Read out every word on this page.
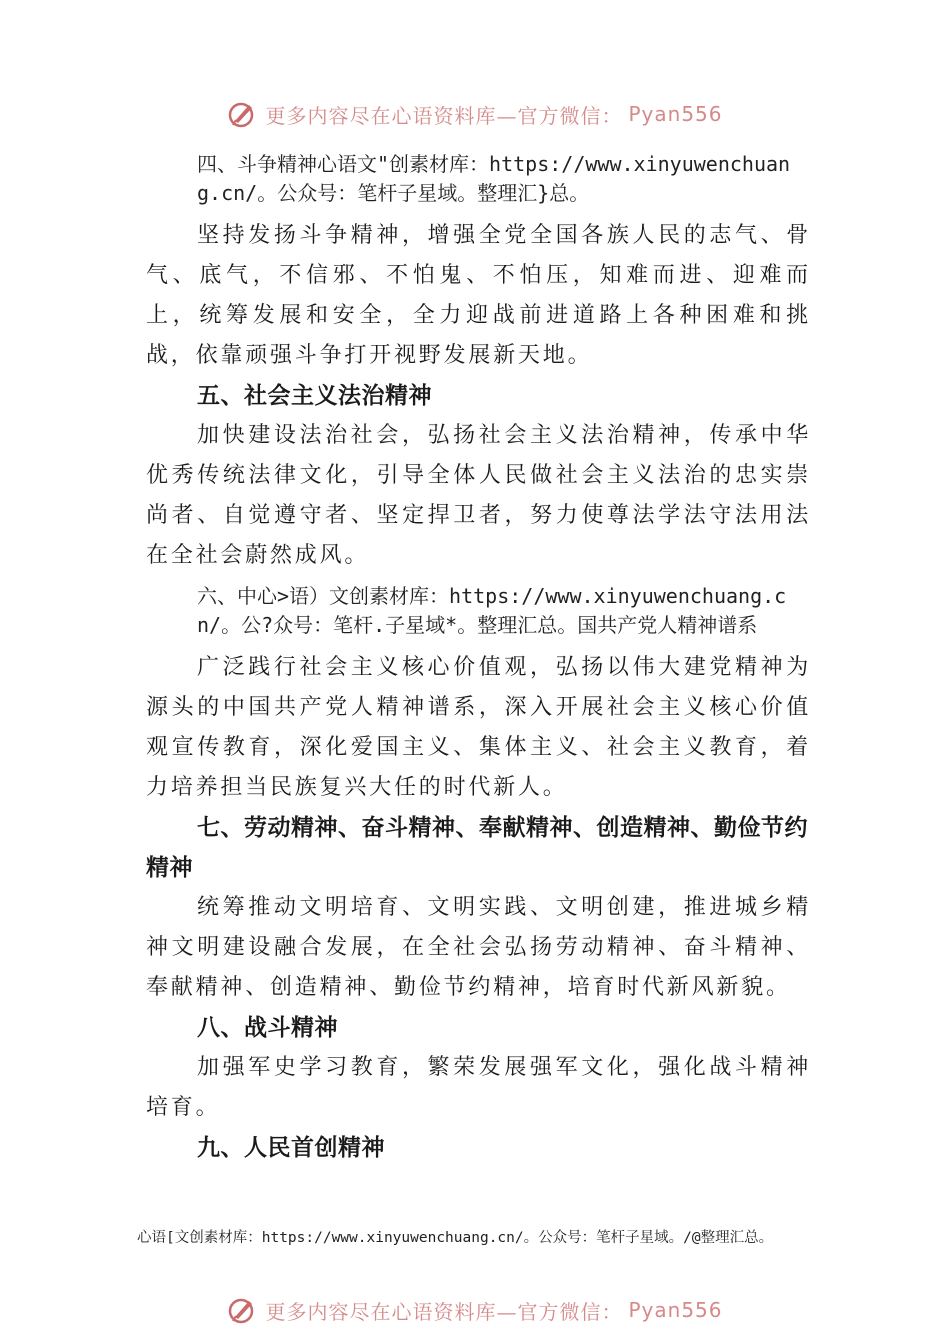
更多内容尽在心语资料库—官方微信： Pyan556

四、斗争精神心语文"创素材库：https://www.xinyuwenchuang.cn/。公众号：笔杆子星域。整理汇}总。

坚持发扬斗争精神，增强全党全国各族人民的志气、骨气、底气，不信邪、不怕鬼、不怕压，知难而进、迎难而上，统筹发展和安全，全力迎战前进道路上各种困难和挑战，依靠顽强斗争打开视野发展新天地。

五、社会主义法治精神

加快建设法治社会，弘扬社会主义法治精神，传承中华优秀传统法律文化，引导全体人民做社会主义法治的忠实崇尚者、自觉遵守者、坚定捍卫者，努力使尊法学法守法用法在全社会蔚然成风。

六、中心>语）文创素材库：https://www.xinyuwenchuang.cn/。公?众号：笔杆.子星域*。整理汇总。国共产党人精神谱系

广泛践行社会主义核心价值观，弘扬以伟大建党精神为源头的中国共产党人精神谱系，深入开展社会主义核心价值观宣传教育，深化爱国主义、集体主义、社会主义教育，着力培养担当民族复兴大任的时代新人。

七、劳动精神、奋斗精神、奉献精神、创造精神、勤俭节约精神

统筹推动文明培育、文明实践、文明创建，推进城乡精神文明建设融合发展，在全社会弘扬劳动精神、奋斗精神、 奉献精神、创造精神、勤俭节约精神，培育时代新风新貌。

八、战斗精神

加强军史学习教育，繁荣发展强军文化，强化战斗精神培育。

九、人民首创精神

心语[文创素材库：https://www.xinyuwenchuang.cn/。公众号：笔杆子星域。/@整理汇总。
更多内容尽在心语资料库—官方微信： Pyan556
